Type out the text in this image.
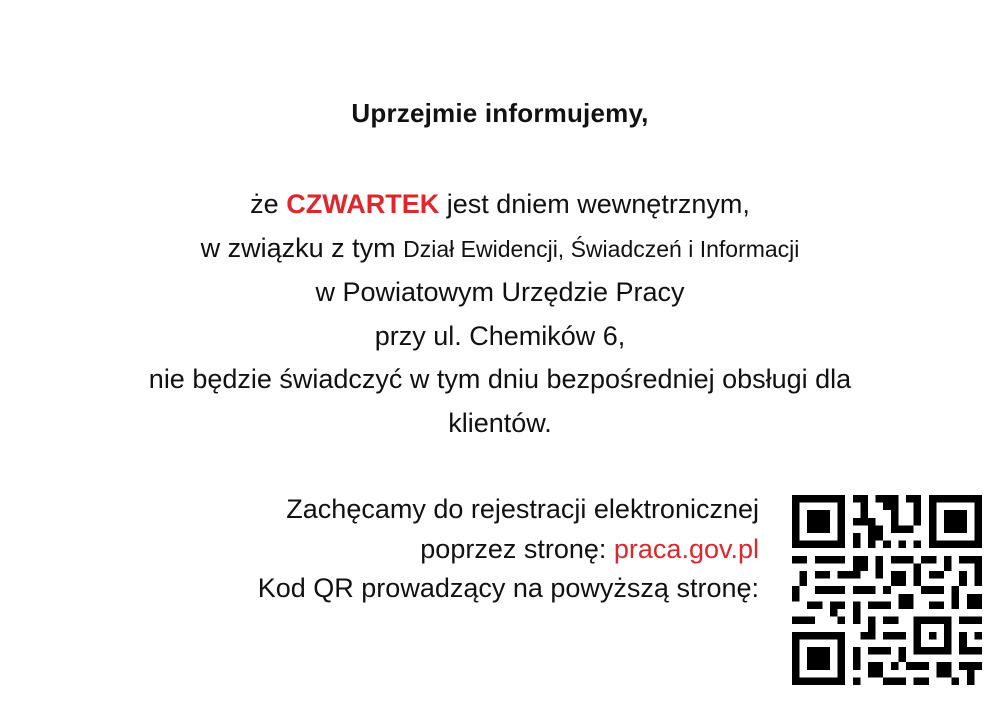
Uprzejmie informujemy,
że CZWARTEK jest dniem wewnętrznym,
w związku z tym Dział Ewidencji, Świadczeń i Informacji
w Powiatowym Urzędzie Pracy
przy ul. Chemików 6,
nie będzie świadczyć w tym dniu bezpośredniej obsługi dla
klientów.
Zachęcamy do rejestracji elektronicznej
poprzez stronę: praca.gov.pl
Kod QR prowadzący na powyższą stronę:
